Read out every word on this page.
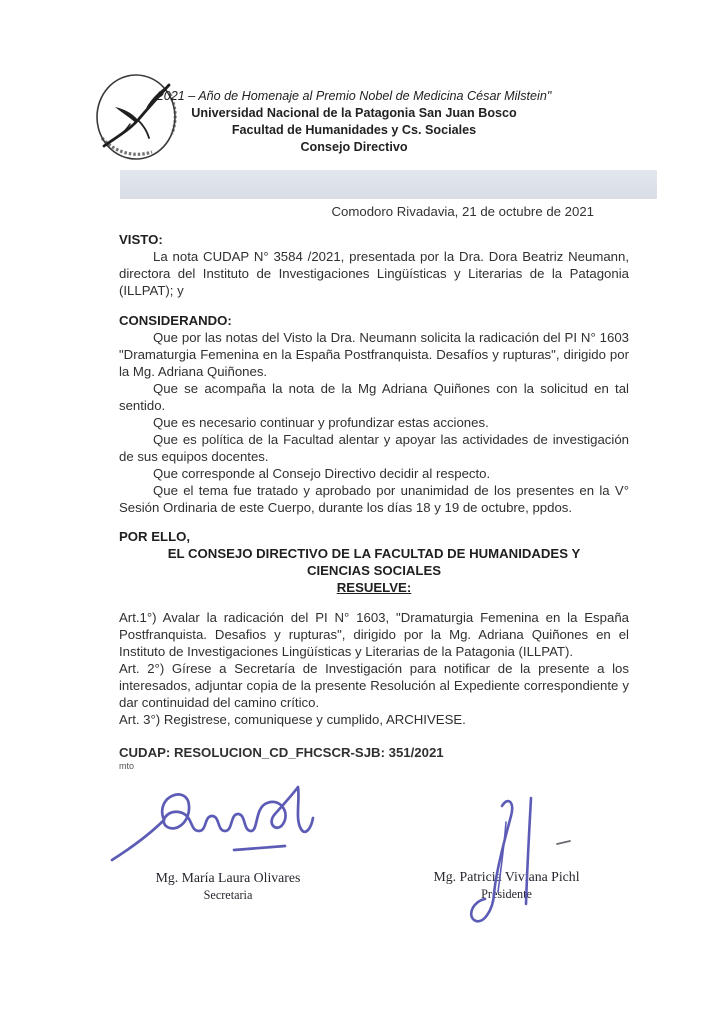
2021 – Año de Homenaje al Premio Nobel de Medicina César Milstein"
Universidad Nacional de la Patagonia San Juan Bosco
Facultad de Humanidades y Cs. Sociales
Consejo Directivo
Comodoro Rivadavia, 21 de octubre de 2021
VISTO:

La nota CUDAP N° 3584 /2021, presentada por la Dra. Dora Beatriz Neumann, directora del Instituto de Investigaciones Lingüísticas y Literarias de la Patagonia (ILLPAT); y

CONSIDERANDO:

Que por las notas del Visto la Dra. Neumann solicita la radicación del PI N° 1603 "Dramaturgia Femenina en la España Postfranquista. Desafíos y rupturas", dirigido por la Mg. Adriana Quiñones.

Que se acompaña la nota de la Mg Adriana Quiñones con la solicitud en tal sentido.

Que es necesario continuar y profundizar estas acciones.

Que es política de la Facultad alentar y apoyar las actividades de investigación de sus equipos docentes.

Que corresponde al Consejo Directivo decidir al respecto.

Que el tema fue tratado y aprobado por unanimidad de los presentes en la V° Sesión Ordinaria de este Cuerpo, durante los días 18 y 19 de octubre, ppdos.

POR ELLO,

EL CONSEJO DIRECTIVO DE LA FACULTAD DE HUMANIDADES Y

CIENCIAS SOCIALES

RESUELVE:

Art.1°) Avalar la radicación del PI N° 1603, "Dramaturgia Femenina en la España Postfranquista. Desafios y rupturas", dirigido por la Mg. Adriana Quiñones en el Instituto de Investigaciones Lingüísticas y Literarias de la Patagonia (ILLPAT).

Art. 2°) Gírese a Secretaría de Investigación para notificar de la presente a los interesados, adjuntar copia de la presente Resolución al Expediente correspondiente y dar continuidad del camino crítico.

Art. 3°) Registrese, comuniquese y cumplido, ARCHIVESE.

CUDAP: RESOLUCION_CD_FHCSCR-SJB: 351/2021

mto
Mg. María Laura Olivares
Secretaria
Mg. Patricia Viviana Pichl
Presidente
